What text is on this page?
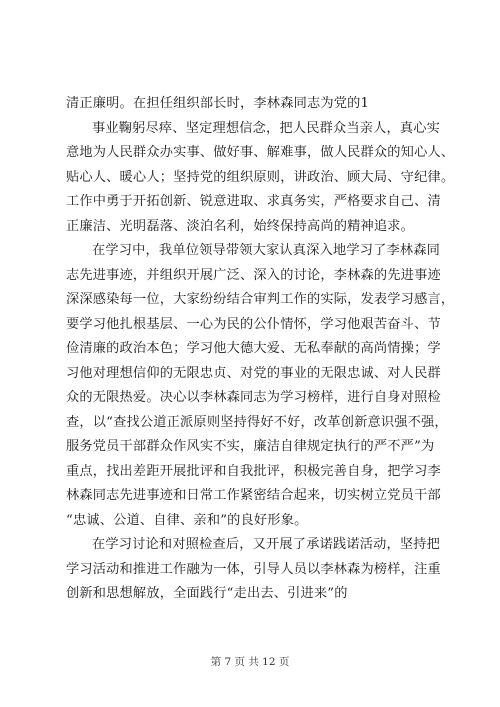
清正廉明。在担任组织部长时，李林森同志为党的1
事业鞠躬尽瘁、坚定理想信念，把人民群众当亲人，真心实
意地为人民群众办实事、做好事、解难事，做人民群众的知心人、
贴心人、暖心人；坚持党的组织原则，讲政治、顾大局、守纪律。
工作中勇于开拓创新、锐意进取、求真务实，严格要求自己、清
正廉洁、光明磊落、淡泊名利，始终保持高尚的精神追求。
在学习中，我单位领导带领大家认真深入地学习了李林森同
志先进事迹，并组织开展广泛、深入的讨论，李林森的先进事迹
深深感染每一位，大家纷纷结合审判工作的实际，发表学习感言，
要学习他扎根基层、一心为民的公仆情怀，学习他艰苦奋斗、节
俭清廉的政治本色；学习他大德大爱、无私奉献的高尚情操；学
习他对理想信仰的无限忠贞、对党的事业的无限忠诚、对人民群
众的无限热爱。决心以李林森同志为学习榜样，进行自身对照检
查，以“查找公道正派原则坚持得好不好，改革创新意识强不强，
服务党员干部群众作风实不实，廉洁自律规定执行的严不严”为
重点，找出差距开展批评和自我批评，积极完善自身，把学习李
林森同志先进事迹和日常工作紧密结合起来，切实树立党员干部
“忠诚、公道、自律、亲和”的良好形象。
在学习讨论和对照检查后，又开展了承诺践诺活动，坚持把
学习活动和推进工作融为一体，引导人员以李林森为榜样，注重
创新和思想解放，全面践行“走出去、引进来”的
第 7 页 共 12 页
